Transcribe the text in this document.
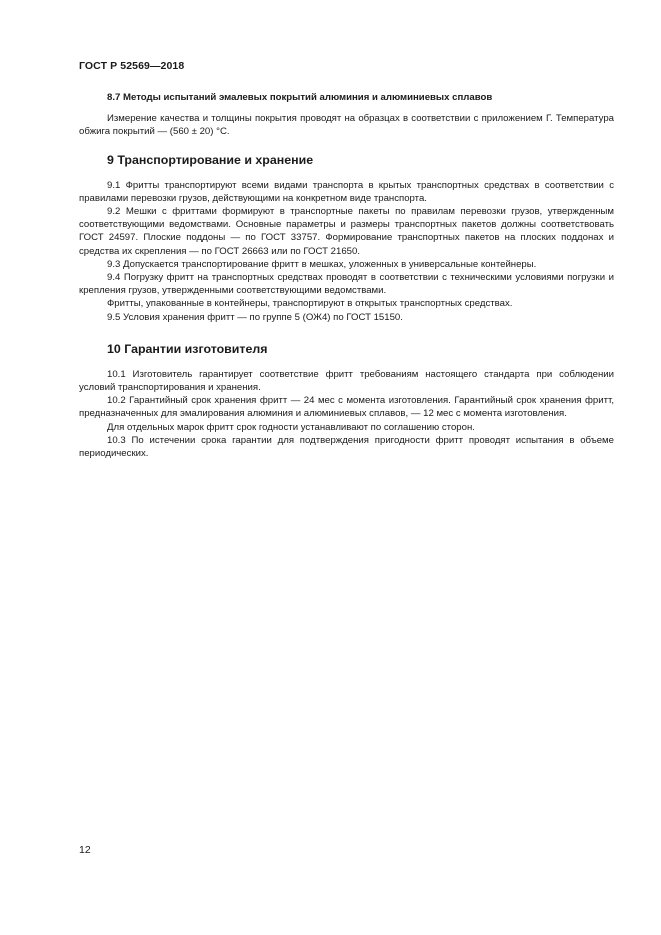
ГОСТ Р 52569—2018
8.7 Методы испытаний эмалевых покрытий алюминия и алюминиевых сплавов

Измерение качества и толщины покрытия проводят на образцах в соответствии с приложением Г. Температура обжига покрытий — (560 ± 20) °С.

9 Транспортирование и хранение

9.1 Фритты транспортируют всеми видами транспорта в крытых транспортных средствах в соответствии с правилами перевозки грузов, действующими на конкретном виде транспорта.

9.2 Мешки с фриттами формируют в транспортные пакеты по правилам перевозки грузов, утвержденным соответствующими ведомствами. Основные параметры и размеры транспортных пакетов должны соответствовать ГОСТ 24597. Плоские поддоны — по ГОСТ 33757. Формирование транспортных пакетов на плоских поддонах и средства их скрепления — по ГОСТ 26663 или по ГОСТ 21650.

9.3 Допускается транспортирование фритт в мешках, уложенных в универсальные контейнеры.

9.4 Погрузку фритт на транспортных средствах проводят в соответствии с техническими условиями погрузки и крепления грузов, утвержденными соответствующими ведомствами.

Фритты, упакованные в контейнеры, транспортируют в открытых транспортных средствах.

9.5 Условия хранения фритт — по группе 5 (ОЖ4) по ГОСТ 15150.

10 Гарантии изготовителя

10.1 Изготовитель гарантирует соответствие фритт требованиям настоящего стандарта при соблюдении условий транспортирования и хранения.

10.2 Гарантийный срок хранения фритт — 24 мес с момента изготовления. Гарантийный срок хранения фритт, предназначенных для эмалирования алюминия и алюминиевых сплавов, — 12 мес с момента изготовления.

Для отдельных марок фритт срок годности устанавливают по соглашению сторон.

10.3 По истечении срока гарантии для подтверждения пригодности фритт проводят испытания в объеме периодических.

12
